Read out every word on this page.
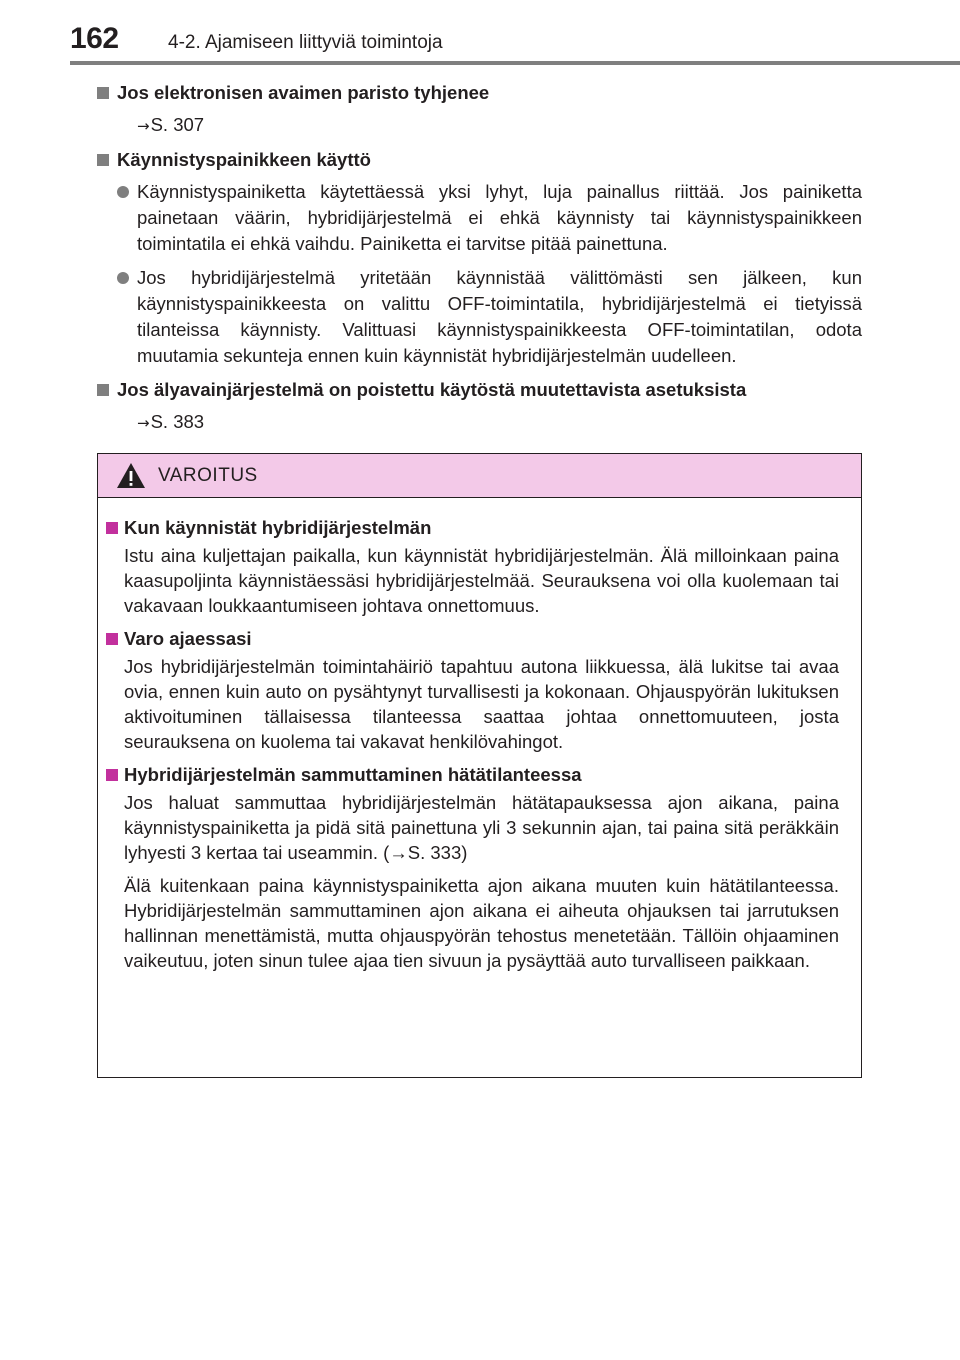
162	4-2. Ajamiseen liittyviä toimintoja
Jos elektronisen avaimen paristo tyhjenee
→S. 307
Käynnistyspainikkeen käyttö
Käynnistyspainiketta käytettäessä yksi lyhyt, luja painallus riittää. Jos painiketta painetaan väärin, hybridijärjestelmä ei ehkä käynnisty tai käynnistyspainikkeen toimintatila ei ehkä vaihdu. Painiketta ei tarvitse pitää painettuna.
Jos hybridijärjestelmä yritetään käynnistää välittömästi sen jälkeen, kun käynnistyspainikkeesta on valittu OFF-toimintatila, hybridijärjestelmä ei tietyissä tilanteissa käynnisty. Valittuasi käynnistyspainikkeesta OFF-toimintatilan, odota muutamia sekunteja ennen kuin käynnistät hybridijärjestelmän uudelleen.
Jos älyavainjärjestelmä on poistettu käytöstä muutettavista asetuksista
→S. 383
VAROITUS
Kun käynnistät hybridijärjestelmän
Istu aina kuljettajan paikalla, kun käynnistät hybridijärjestelmän. Älä milloinkaan paina kaasupoljinta käynnistäessäsi hybridijärjestelmää. Seurauksena voi olla kuolemaan tai vakavaan loukkaantumiseen johtava onnettomuus.
Varo ajaessasi
Jos hybridijärjestelmän toimintahäiriö tapahtuu autona liikkuessa, älä lukitse tai avaa ovia, ennen kuin auto on pysähtynyt turvallisesti ja kokonaan. Ohjauspyörän lukituksen aktivoituminen tällaisessa tilanteessa saattaa johtaa onnettomuuteen, josta seurauksena on kuolema tai vakavat henkilövahingot.
Hybridijärjestelmän sammuttaminen hätätilanteessa
Jos haluat sammuttaa hybridijärjestelmän hätätapauksessa ajon aikana, paina käynnistyspainiketta ja pidä sitä painettuna yli 3 sekunnin ajan, tai paina sitä peräkkäin lyhyesti 3 kertaa tai useammin. (→S. 333)
Älä kuitenkaan paina käynnistyspainiketta ajon aikana muuten kuin hätätilanteessa. Hybridijärjestelmän sammuttaminen ajon aikana ei aiheuta ohjauksen tai jarrutuksen hallinnan menettämistä, mutta ohjauspyörän tehostus menetetään. Tällöin ohjaaminen vaikeutuu, joten sinun tulee ajaa tien sivuun ja pysäyttää auto turvalliseen paikkaan.
